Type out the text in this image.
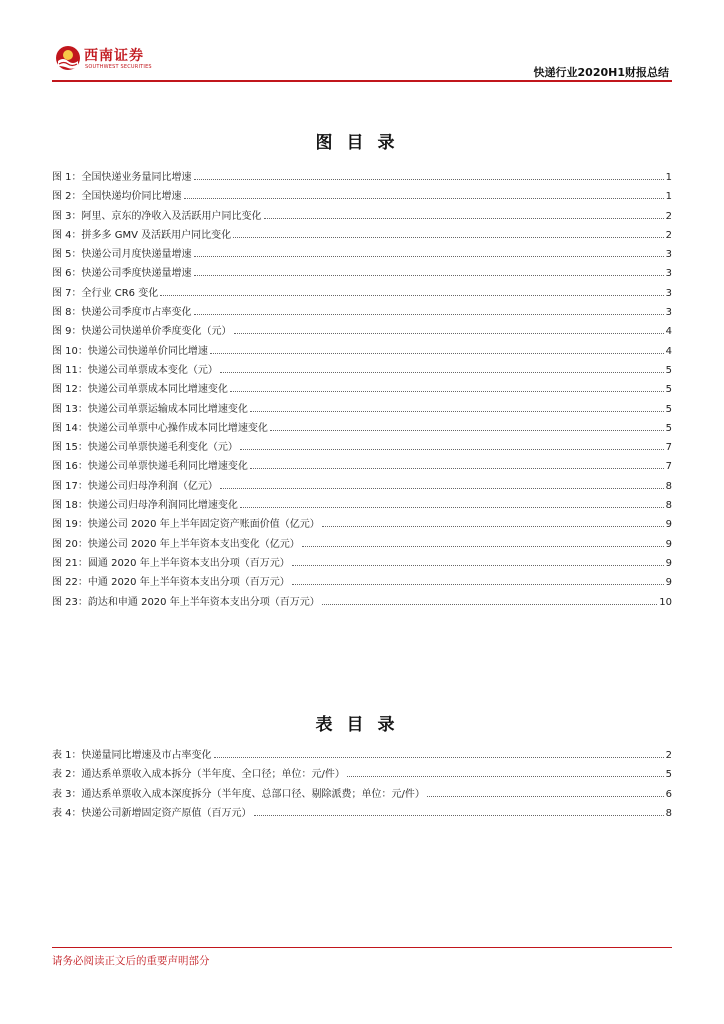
西南证券
SOUTHWEST SECURITIES	快递行业2020H1财报总结
图目录
图 1：全国快递业务量同比增速	1
图 2：全国快递均价同比增速	1
图 3：阿里、京东的净收入及活跃用户同比变化	2
图 4：拼多多 GMV 及活跃用户同比变化	2
图 5：快递公司月度快递量增速	3
图 6：快递公司季度快递量增速	3
图 7：全行业 CR6 变化	3
图 8：快递公司季度市占率变化	3
图 9：快递公司快递单价季度变化（元）	4
图 10：快递公司快递单价同比增速	4
图 11：快递公司单票成本变化（元）	5
图 12：快递公司单票成本同比增速变化	5
图 13：快递公司单票运输成本同比增速变化	5
图 14：快递公司单票中心操作成本同比增速变化	5
图 15：快递公司单票快递毛利变化（元）	7
图 16：快递公司单票快递毛利同比增速变化	7
图 17：快递公司归母净利润（亿元）	8
图 18：快递公司归母净利润同比增速变化	8
图 19：快递公司 2020 年上半年固定资产账面价值（亿元）	9
图 20：快递公司 2020 年上半年资本支出变化（亿元）	9
图 21：圆通 2020 年上半年资本支出分项（百万元）	9
图 22：中通 2020 年上半年资本支出分项（百万元）	9
图 23：韵达和申通 2020 年上半年资本支出分项（百万元）	10
表目录
表 1：快递量同比增速及市占率变化	2
表 2：通达系单票收入成本拆分（半年度、全口径；单位：元/件）	5
表 3：通达系单票收入成本深度拆分（半年度、总部口径、剔除派费；单位：元/件）	6
表 4：快递公司新增固定资产原值（百万元）	8
请务必阅读正文后的重要声明部分
